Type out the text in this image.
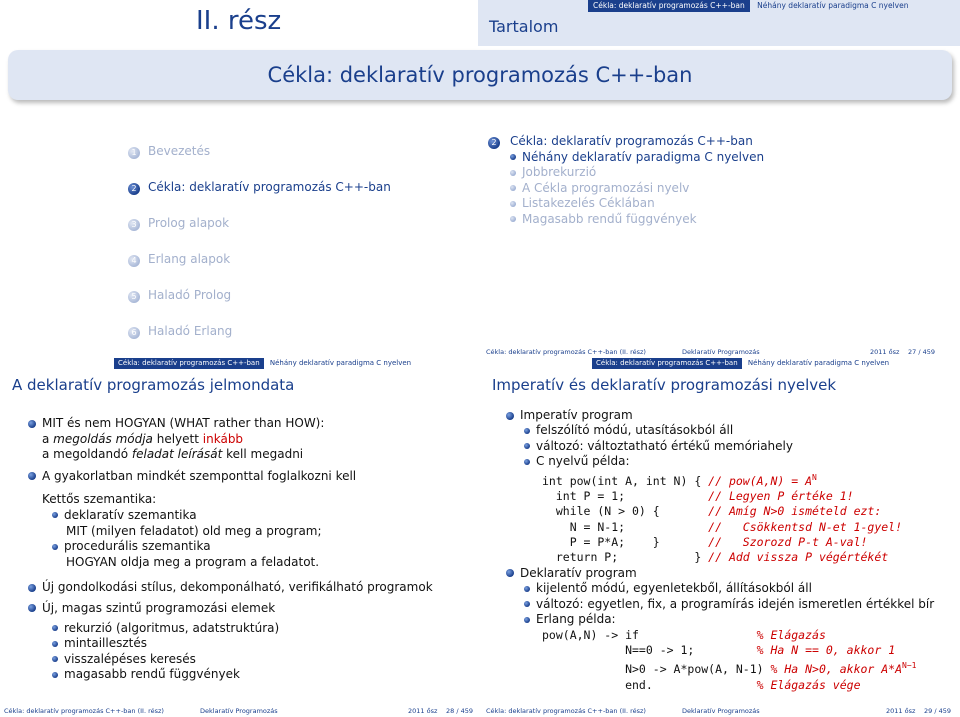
II. rész	Tartalom
Cékla: deklaratív programozás C++-ban Néhány deklaratív paradigma C nyelven
Cékla: deklaratív programozás C++-ban
1 Bevezetés
2 Cékla: deklaratív programozás C++-ban
3 Prolog alapok
4 Erlang alapok
5 Haladó Prolog
6 Haladó Erlang
2 Cékla: deklaratív programozás C++-ban
Néhány deklaratív paradigma C nyelven
Jobbrekurzió
A Cékla programozási nyelv
Listakezelés Céklában
Magasabb rendű függvények
Cékla: deklaratív programozás C++-ban (II. rész)	Deklaratív Programozás	2011 ősz 27 / 459
Cékla: deklaratív programozás C++-ban Néhány deklaratív paradigma C nyelven
A deklaratív programozás jelmondata
MIT és nem HOGYAN (WHAT rather than HOW):
a megoldás módja helyett inkább
a megoldandó feladat leírását kell megadni
A gyakorlatban mindkét szemponttal foglalkozni kell
Kettős szemantika:
deklaratív szemantika
MIT (milyen feladatot) old meg a program;
procedurális szemantika
HOGYAN oldja meg a program a feladatot.
Új gondolkodási stílus, dekomponálható, verifikálható programok
Új, magas szintű programozási elemek
rekurzió (algoritmus, adatstruktúra)
mintaillesztés
visszalépéses keresés
magasabb rendű függvények
Cékla: deklaratív programozás C++-ban (II. rész)	Deklaratív Programozás	2011 ősz 28 / 459
Cékla: deklaratív programozás C++-ban Néhány deklaratív paradigma C nyelven
Imperatív és deklaratív programozási nyelvek
Imperatív program
felszólító módú, utasításokból áll
változó: változtatható értékű memóriahely
C nyelvű példa:
int pow(int A, int N) { // $pow(A,N) = A^N$
int P = 1;            // Legyen P értéke 1!
while (N > 0) {       // Amíg N>0 ismételd ezt:
N = N-1;            //   Csökkentsd N-et 1-gyel!
P = P*A;    }       //   Szorozd P-t A-val!
return P;           } // Add vissza P végértékét
Deklaratív program
kijelentő módú, egyenletekből, állításokból áll
változó: egyetlen, fix, a programírás idején ismeretlen értékkel bír
Erlang példa:
pow(A,N) -> if                 % Elágazás
N==0 -> 1;         % Ha N == 0, akkor 1
N>0 -> A*pow(A, N-1) % Ha N>0, akkor $A*A^{N-1}$
end.               % Elágazás vége
Cékla: deklaratív programozás C++-ban (II. rész)	Deklaratív Programozás	2011 ősz 29 / 459
